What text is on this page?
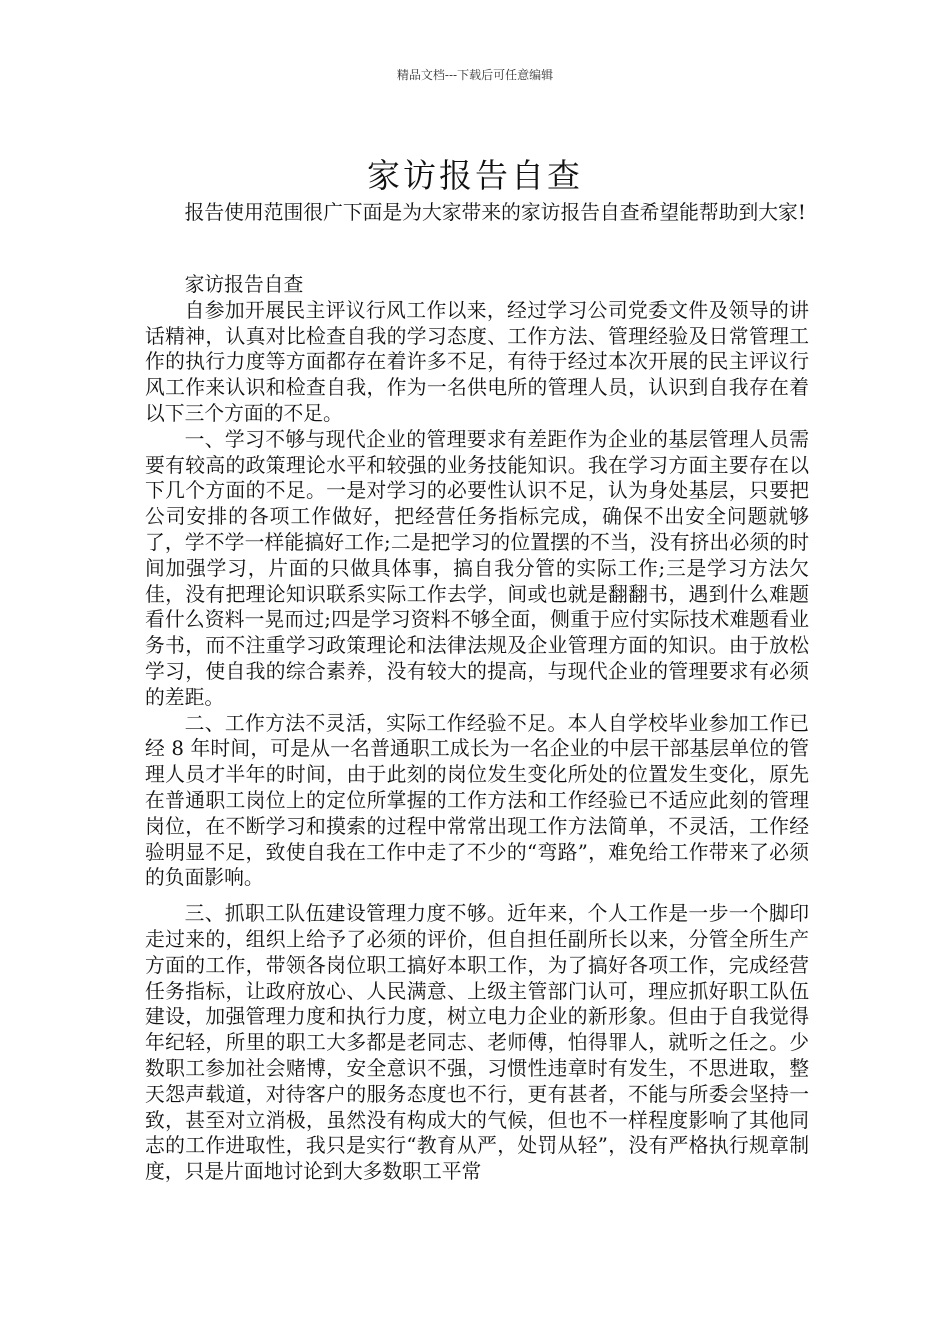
精品文档---下载后可任意编辑
家访报告自查

报告使用范围很广下面是为大家带来的家访报告自查希望能帮助到大家!

家访报告自查

自参加开展民主评议行风工作以来，经过学习公司党委文件及领导的讲话精神，认真对比检查自我的学习态度、工作方法、管理经验及日常管理工作的执行力度等方面都存在着许多不足，有待于经过本次开展的民主评议行风工作来认识和检查自我，作为一名供电所的管理人员，认识到自我存在着以下三个方面的不足。

一、学习不够与现代企业的管理要求有差距作为企业的基层管理人员需要有较高的政策理论水平和较强的业务技能知识。我在学习方面主要存在以下几个方面的不足。一是对学习的必要性认识不足，认为身处基层，只要把公司安排的各项工作做好，把经营任务指标完成，确保不出安全问题就够了，学不学一样能搞好工作;二是把学习的位置摆的不当，没有挤出必须的时间加强学习，片面的只做具体事，搞自我分管的实际工作;三是学习方法欠佳，没有把理论知识联系实际工作去学，间或也就是翻翻书，遇到什么难题看什么资料一晃而过;四是学习资料不够全面，侧重于应付实际技术难题看业务书，而不注重学习政策理论和法律法规及企业管理方面的知识。由于放松学习，使自我的综合素养，没有较大的提高，与现代企业的管理要求有必须的差距。

二、工作方法不灵活，实际工作经验不足。本人自学校毕业参加工作已经 8 年时间，可是从一名普通职工成长为一名企业的中层干部基层单位的管理人员才半年的时间，由于此刻的岗位发生变化所处的位置发生变化，原先在普通职工岗位上的定位所掌握的工作方法和工作经验已不适应此刻的管理岗位，在不断学习和摸索的过程中常常出现工作方法简单，不灵活，工作经验明显不足，致使自我在工作中走了不少的“弯路”，难免给工作带来了必须的负面影响。

三、抓职工队伍建设管理力度不够。近年来，个人工作是一步一个脚印走过来的，组织上给予了必须的评价，但自担任副所长以来，分管全所生产方面的工作，带领各岗位职工搞好本职工作，为了搞好各项工作，完成经营任务指标，让政府放心、人民满意、上级主管部门认可，理应抓好职工队伍建设，加强管理力度和执行力度，树立电力企业的新形象。但由于自我觉得年纪轻，所里的职工大多都是老同志、老师傅，怕得罪人，就听之任之。少数职工参加社会赌博，安全意识不强，习惯性违章时有发生，不思进取，整天怨声载道，对待客户的服务态度也不行，更有甚者，不能与所委会坚持一致，甚至对立消极，虽然没有构成大的气候，但也不一样程度影响了其他同志的工作进取性，我只是实行“教育从严，处罚从轻”，没有严格执行规章制度，只是片面地讨论到大多数职工平常
